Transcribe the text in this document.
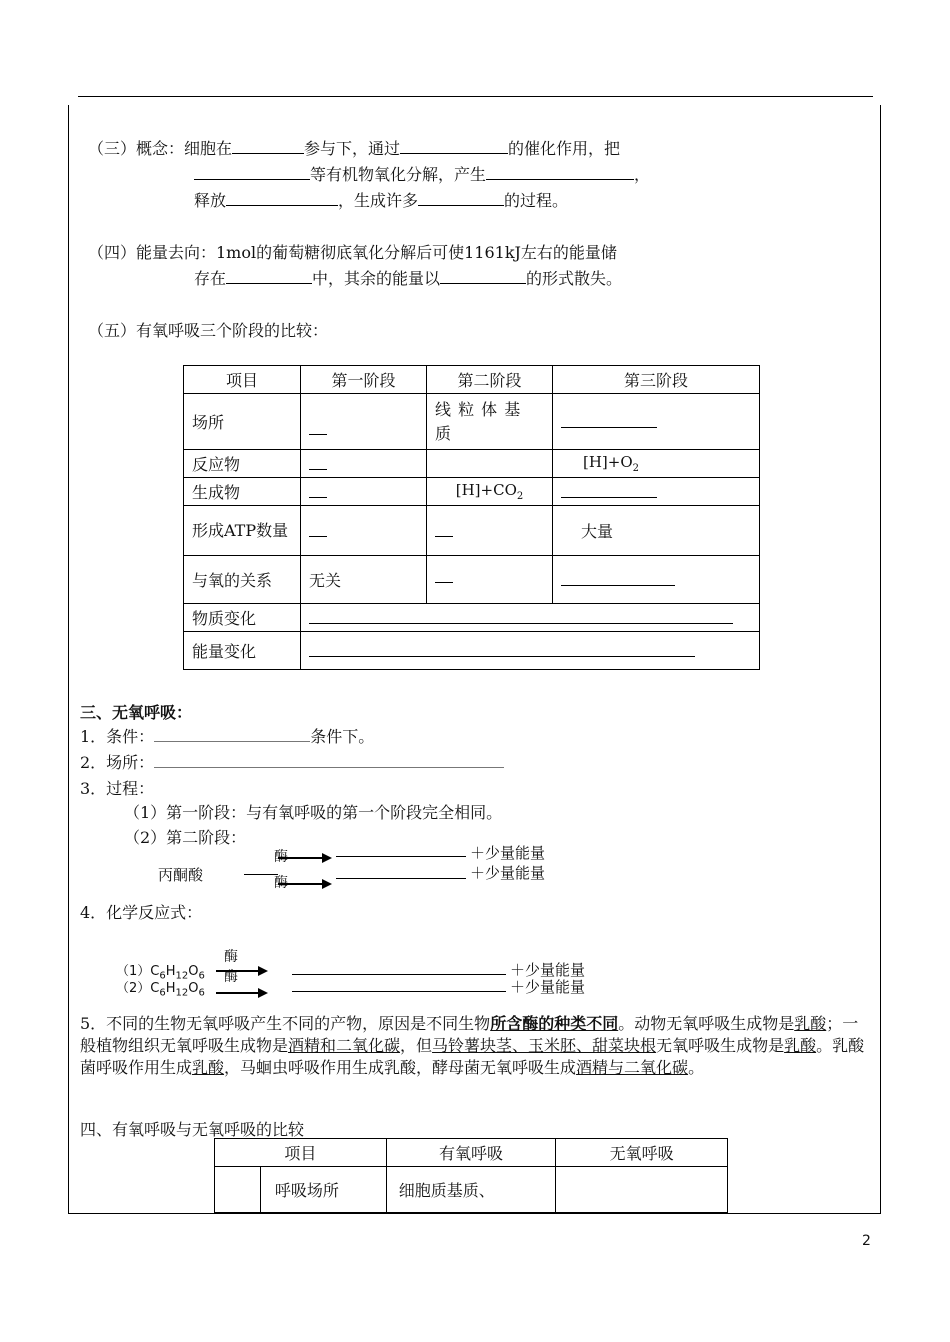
（三）概念：细胞在	参与下，通过	的催化作用，把
等有机物氧化分解，产生	，
释放	，生成许多	的过程。
（四）能量去向：1mol的葡萄糖彻底氧化分解后可使1161kJ左右的能量储
存在	中，其余的能量以	的形式散失。
（五）有氧呼吸三个阶段的比较：
项目	第一阶段	第二阶段	第三阶段
场所		线 粒 体 基 质	
反应物			$[H]+O_2$
生成物		$[H]+CO_2$	
形成ATP数量			大量
与氧的关系	无关		
物质变化			
能量变化			
三、无氧呼吸：
1．条件：	条件下。
2．场所：
3．过程：
（1）第一阶段：与有氧呼吸的第一个阶段完全相同。
（2）第二阶段：
丙酮酸
酶	＋少量能量
酶
＋少量能量
4．化学反应式：
酶
酶
$(1)C_6H_{12}O_6$	＋少量能量
$(2)C_6H_{12}O_6$	＋少量能量
5．不同的生物无氧呼吸产生不同的产物，原因是不同生物所含酶的种类不同。动物无氧呼吸生成物是乳酸；一般植物组织无氧呼吸生成物是酒精和二氧化碳，但马铃薯块茎、玉米胚、甜菜块根无氧呼吸生成物是乳酸。乳酸菌呼吸作用生成乳酸，马蛔虫呼吸作用生成乳酸，酵母菌无氧呼吸生成酒精与二氧化碳。
四、有氧呼吸与无氧呼吸的比较
项目		有氧呼吸	无氧呼吸
	呼吸场所	细胞质基质、	
2
